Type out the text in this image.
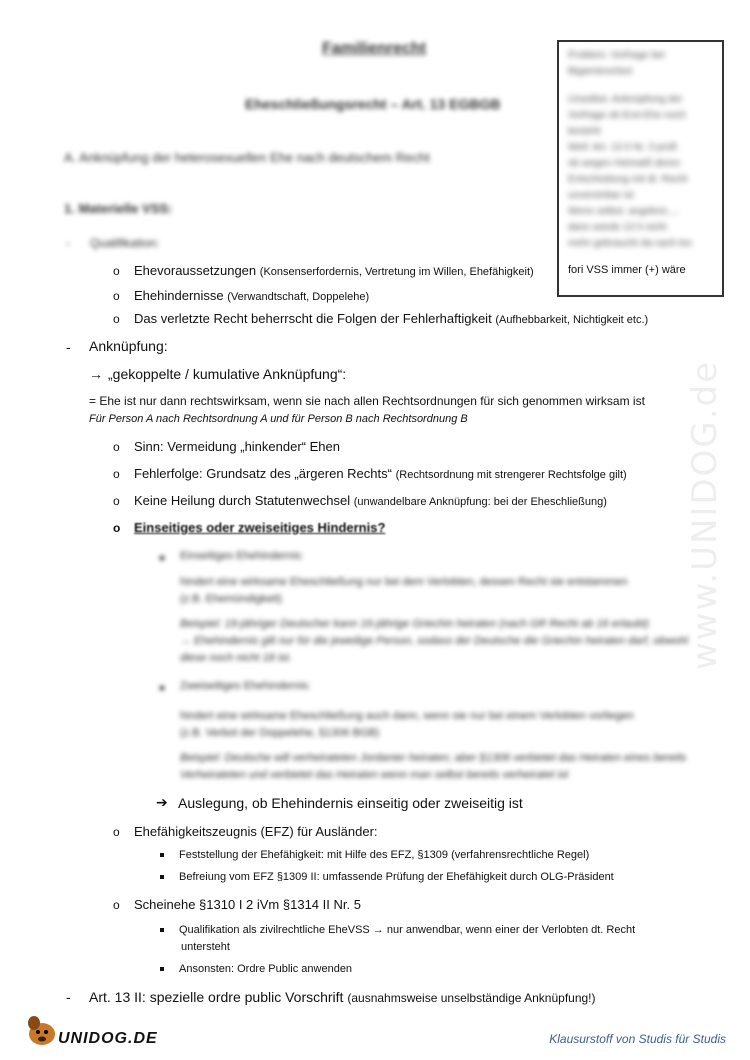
Familienrecht
Eheschließungsrecht – Art. 13 EGBGB
A. Anknüpfung der heterosexuellen Ehe nach deutschem Recht
1. Materielle VSS:
-      Qualifikation:
Problem: Vorfrage bei
Bigamieverbot
Unselbst. Anknüpfung der
Vorfrage ob Erst-Ehe noch
besteht
Weil: Art. 13 II Nr. 3 prüft
ob wegen Heimatß deren
Entscheidung mit dt. Recht
unvereinbar ist
Wenn selbst. angeknü...,
dann würde 13 II nicht
mehr gebraucht da nach les
fori VSS immer (+) wäre
o Ehevoraussetzungen (Konsenserfordernis, Vertretung im Willen, Ehefähigkeit)
o Ehehindernisse (Verwandtschaft, Doppelehe)
o Das verletzte Recht beherrscht die Folgen der Fehlerhaftigkeit (Aufhebbarkeit, Nichtigkeit etc.)
- Anknüpfung:
→ „gekoppelte / kumulative Anknüpfung“:
= Ehe ist nur dann rechtswirksam, wenn sie nach allen Rechtsordnungen für sich genommen wirksam ist
Für Person A nach Rechtsordnung A und für Person B nach Rechtsordnung B
o Sinn: Vermeidung „hinkender“ Ehen
o Fehlerfolge: Grundsatz des „ärgeren Rechts“ (Rechtsordnung mit strengerer Rechtsfolge gilt)
o Keine Heilung durch Statutenwechsel (unwandelbare Anknüpfung: bei der Eheschließung)
o Einseitiges oder zweiseitiges Hindernis?
Einseitiges Ehehindernis:
hindert eine wirksame Eheschließung nur bei dem Verlobten, dessen Recht sie entstammen
(z.B. Ehemündigkeit)
Beispiel: 19-jähriger Deutscher kann 16-jährige Griechin heiraten (nach GR Recht ab 16 erlaubt)
→ Ehehindernis gilt nur für die jeweilige Person, sodass der Deutsche die Griechin heiraten darf, obwohl
diese noch nicht 18 ist.
Zweiseitiges Ehehindernis:
hindert eine wirksame Eheschließung auch dann, wenn sie nur bei einem Verlobten vorliegen
(z.B. Verbot der Doppelehe, §1306 BGB)
Beispiel: Deutsche will verheirateten Jordanier heiraten; aber §1306 verbietet das Heiraten eines bereits
Verheirateten und verbietet das Heiraten wenn man selbst bereits verheiratet ist
➔ Auslegung, ob Ehehindernis einseitig oder zweiseitig ist
o Ehefähigkeitszeugnis (EFZ) für Ausländer:
Feststellung der Ehefähigkeit: mit Hilfe des EFZ, §1309 (verfahrensrechtliche Regel)
Befreiung vom EFZ §1309 II: umfassende Prüfung der Ehefähigkeit durch OLG-Präsident
o Scheinehe §1310 I 2 iVm §1314 II Nr. 5
Qualifikation als zivilrechtliche EheVSS → nur anwendbar, wenn einer der Verlobten dt. Recht
untersteht
Ansonsten: Ordre Public anwenden
- Art. 13 II: spezielle ordre public Vorschrift (ausnahmsweise unselbständige Anknüpfung!)
www.UNIDOG.de
UNIDOG.DE	Klausurstoff von Studis für Studis
